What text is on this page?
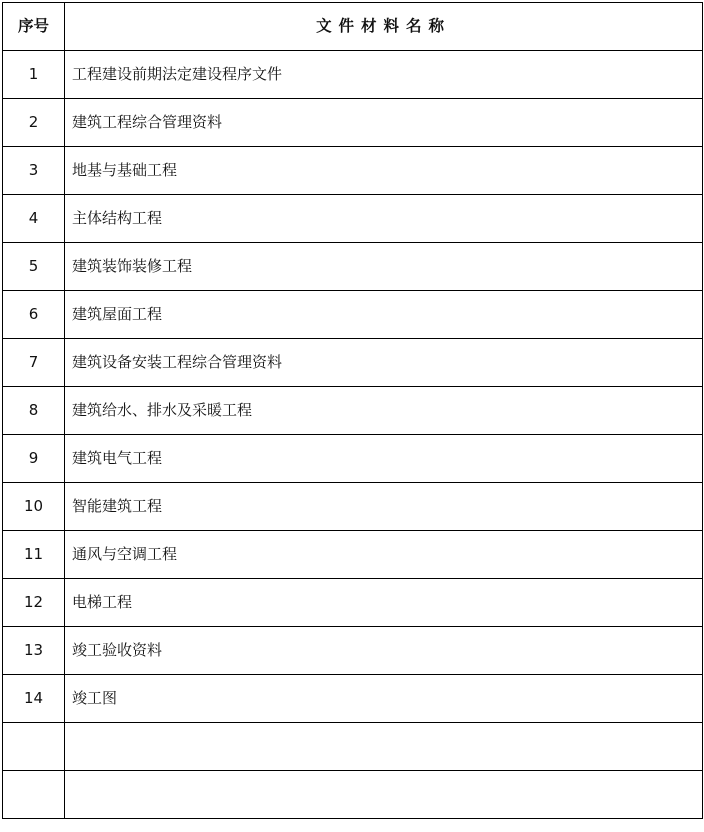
序号	文件材料名称
1	工程建设前期法定建设程序文件
2	建筑工程综合管理资料
3	地基与基础工程
4	主体结构工程
5	建筑装饰装修工程
6	建筑屋面工程
7	建筑设备安装工程综合管理资料
8	建筑给水、排水及采暖工程
9	建筑电气工程
10	智能建筑工程
11	通风与空调工程
12	电梯工程
13	竣工验收资料
14	竣工图
